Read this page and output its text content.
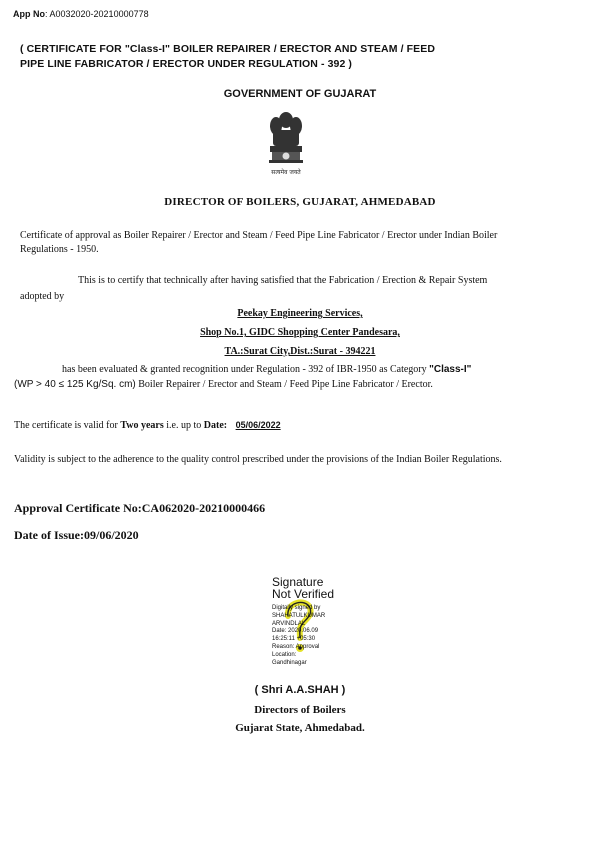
App No: A0032020-20210000778
( CERTIFICATE FOR "Class-I" BOILER REPAIRER / ERECTOR AND STEAM / FEED
PIPE LINE FABRICATOR / ERECTOR UNDER REGULATION - 392 )
GOVERNMENT OF GUJARAT
सत्यमेव जयते
DIRECTOR OF BOILERS, GUJARAT, AHMEDABAD
Certificate of approval as Boiler Repairer / Erector and Steam / Feed Pipe Line Fabricator / Erector under Indian Boiler Regulations - 1950.
This is to certify that technically after having satisfied that the Fabrication / Erection & Repair System
adopted by
Peekay Engineering Services,
Shop No.1, GIDC Shopping Center Pandesara,
TA.:Surat City,Dist.:Surat - 394221
has been evaluated & granted recognition under Regulation - 392 of IBR-1950 as Category "Class-I"
(WP > 40 ≤ 125 Kg/Sq. cm) Boiler Repairer / Erector and Steam / Feed Pipe Line Fabricator / Erector.
The certificate is valid for Two years i.e. up to Date: 05/06/2022
Validity is subject to the adherence to the quality control prescribed under the provisions of the Indian Boiler Regulations.
Approval Certificate No:CA062020-20210000466
Date of Issue:09/06/2020
Signature
Not Verified
Digitally signed by
SHAHATULKUMAR
ARVINDLAL
Date: 2020.06.09
16:25:11 +05:30
Reason: Approval
Location:
Gandhinagar
( Shri A.A.SHAH )
Directors of Boilers
Gujarat State, Ahmedabad.
